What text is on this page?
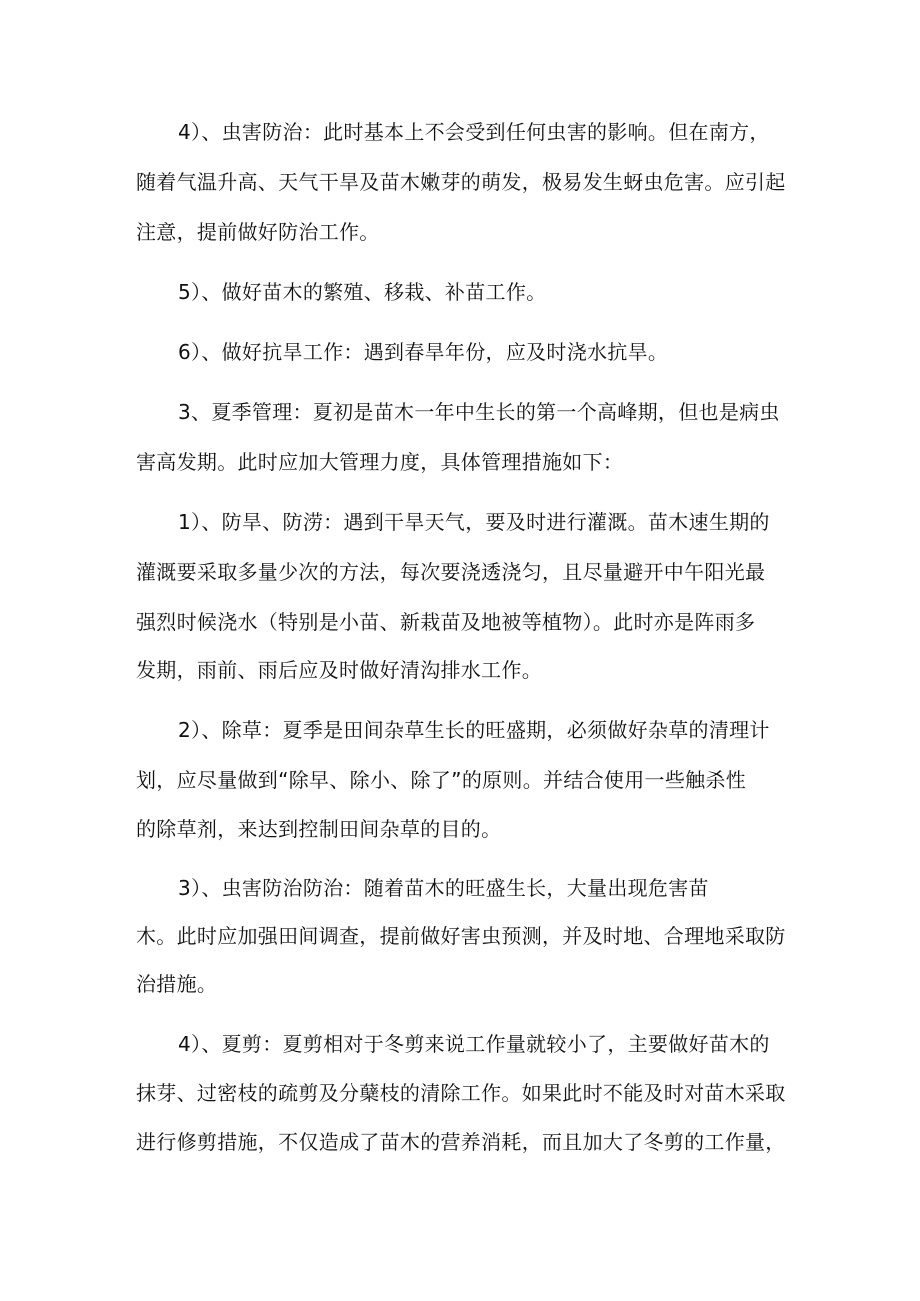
4）、虫害防治：此时基本上不会受到任何虫害的影响。但在南方，
随着气温升高、天气干旱及苗木嫩芽的萌发，极易发生蚜虫危害。应引起
注意，提前做好防治工作。
5）、做好苗木的繁殖、移栽、补苗工作。
6）、做好抗旱工作：遇到春旱年份，应及时浇水抗旱。
3、夏季管理：夏初是苗木一年中生长的第一个高峰期，但也是病虫
害高发期。此时应加大管理力度，具体管理措施如下：
1）、防旱、防涝：遇到干旱天气，要及时进行灌溉。苗木速生期的
灌溉要采取多量少次的方法，每次要浇透浇匀，且尽量避开中午阳光最
强烈时候浇水（特别是小苗、新栽苗及地被等植物）。此时亦是阵雨多
发期，雨前、雨后应及时做好清沟排水工作。
2）、除草：夏季是田间杂草生长的旺盛期，必须做好杂草的清理计
划，应尽量做到“除早、除小、除了”的原则。并结合使用一些触杀性
的除草剂，来达到控制田间杂草的目的。
3）、虫害防治防治：随着苗木的旺盛生长，大量出现危害苗
木。此时应加强田间调查，提前做好害虫预测，并及时地、合理地采取防
治措施。
4）、夏剪：夏剪相对于冬剪来说工作量就较小了，主要做好苗木的
抹芽、过密枝的疏剪及分蘖枝的清除工作。如果此时不能及时对苗木采取
进行修剪措施，不仅造成了苗木的营养消耗，而且加大了冬剪的工作量，
